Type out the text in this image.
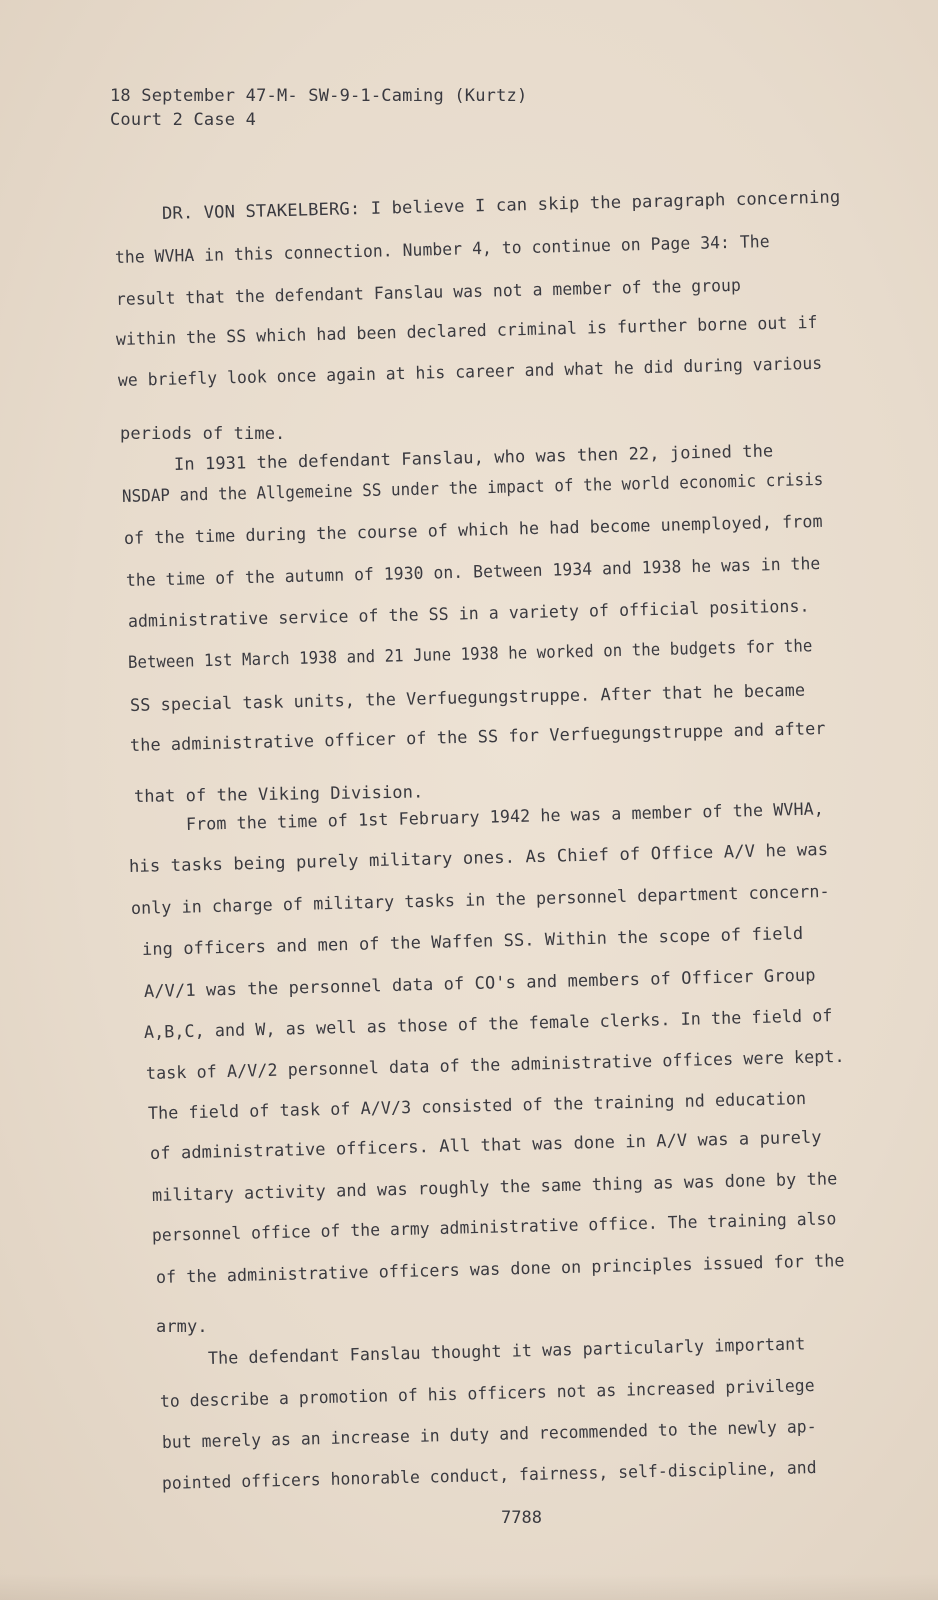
18 September 47-M- SW-9-1-Caming (Kurtz)
Court 2 Case 4
DR. VON STAKELBERG: I believe I can skip the paragraph concerning
the WVHA in this connection. Number 4, to continue on Page 34: The
result that the defendant Fanslau was not a member of the group
within the SS which had been declared criminal is further borne out if
we briefly look once again at his career and what he did during various
periods of time.
In 1931 the defendant Fanslau, who was then 22, joined the
NSDAP and the Allgemeine SS under the impact of the world economic crisis
of the time during the course of which he had become unemployed, from
the time of the autumn of 1930 on. Between 1934 and 1938 he was in the
administrative service of the SS in a variety of official positions.
Between 1st March 1938 and 21 June 1938 he worked on the budgets for the
SS special task units, the Verfuegungstruppe. After that he became
the administrative officer of the SS for Verfuegungstruppe and after
that of the Viking Division.
From the time of 1st February 1942 he was a member of the WVHA,
his tasks being purely military ones. As Chief of Office A/V he was
only in charge of military tasks in the personnel department concern-
ing officers and men of the Waffen SS. Within the scope of field
A/V/1 was the personnel data of CO's and members of Officer Group
A,B,C, and W, as well as those of the female clerks. In the field of
task of A/V/2 personnel data of the administrative offices were kept.
The field of task of A/V/3 consisted of the training nd education
of administrative officers. All that was done in A/V was a purely
military activity and was roughly the same thing as was done by the
personnel office of the army administrative office. The training also
of the administrative officers was done on principles issued for the
army.
The defendant Fanslau thought it was particularly important
to describe a promotion of his officers not as increased privilege
but merely as an increase in duty and recommended to the newly ap-
pointed officers honorable conduct, fairness, self-discipline, and
7788
